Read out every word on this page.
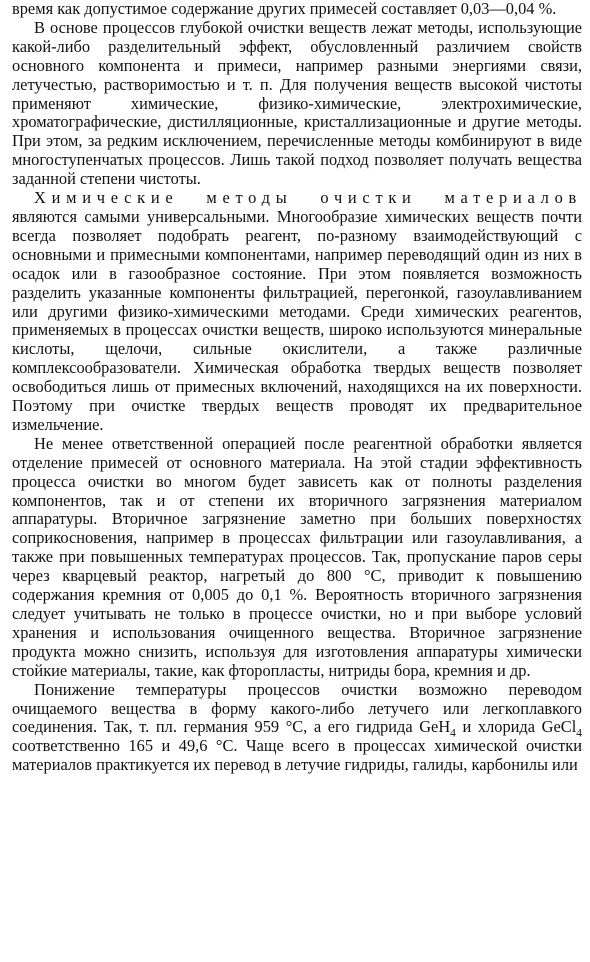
время как допустимое содержание других примесей составляет 0,03—0,04 %.

В основе процессов глубокой очистки веществ лежат методы, использующие какой-либо разделительный эффект, обусловленный различием свойств основного компонента и примеси, например разными энергиями связи, летучестью, растворимостью и т. п. Для получения веществ высокой чистоты применяют химические, физико-химические, электрохимические, хроматографические, дистилляционные, кристаллизационные и другие методы. При этом, за редким исключением, перечисленные методы комбинируют в виде многоступенчатых процессов. Лишь такой подход позволяет получать вещества заданной степени чистоты.

Химические методы очистки материалов являются самыми универсальными. Многообразие химических веществ почти всегда позволяет подобрать реагент, по-разному взаимодействующий с основными и примесными компонентами, например переводящий один из них в осадок или в газообразное состояние. При этом появляется возможность разделить указанные компоненты фильтрацией, перегонкой, газоулавливанием или другими физико-химическими методами. Среди химических реагентов, применяемых в процессах очистки веществ, широко используются минеральные кислоты, щелочи, сильные окислители, а также различные комплексообразователи. Химическая обработка твердых веществ позволяет освободиться лишь от примесных включений, находящихся на их поверхности. Поэтому при очистке твердых веществ проводят их предварительное измельчение.

Не менее ответственной операцией после реагентной обработки является отделение примесей от основного материала. На этой стадии эффективность процесса очистки во многом будет зависеть как от полноты разделения компонентов, так и от степени их вторичного загрязнения материалом аппаратуры. Вторичное загрязнение заметно при больших поверхностях соприкосновения, например в процессах фильтрации или газоулавливания, а также при повышенных температурах процессов. Так, пропускание паров серы через кварцевый реактор, нагретый до 800 °С, приводит к повышению содержания кремния от 0,005 до 0,1 %. Вероятность вторичного загрязнения следует учитывать не только в процессе очистки, но и при выборе условий хранения и использования очищенного вещества. Вторичное загрязнение продукта можно снизить, используя для изготовления аппаратуры химически стойкие материалы, такие, как фторопласты, нитриды бора, кремния и др.

Понижение температуры процессов очистки возможно переводом очищаемого вещества в форму какого-либо летучего или легкоплавкого соединения. Так, т. пл. германия 959 °С, а его гидрида GeH$_4$ и хлорида GeCl$_4$ соответственно 165 и 49,6 °С. Чаще всего в процессах химической очистки материалов практикуется их перевод в летучие гидриды, галиды, карбонилы или
